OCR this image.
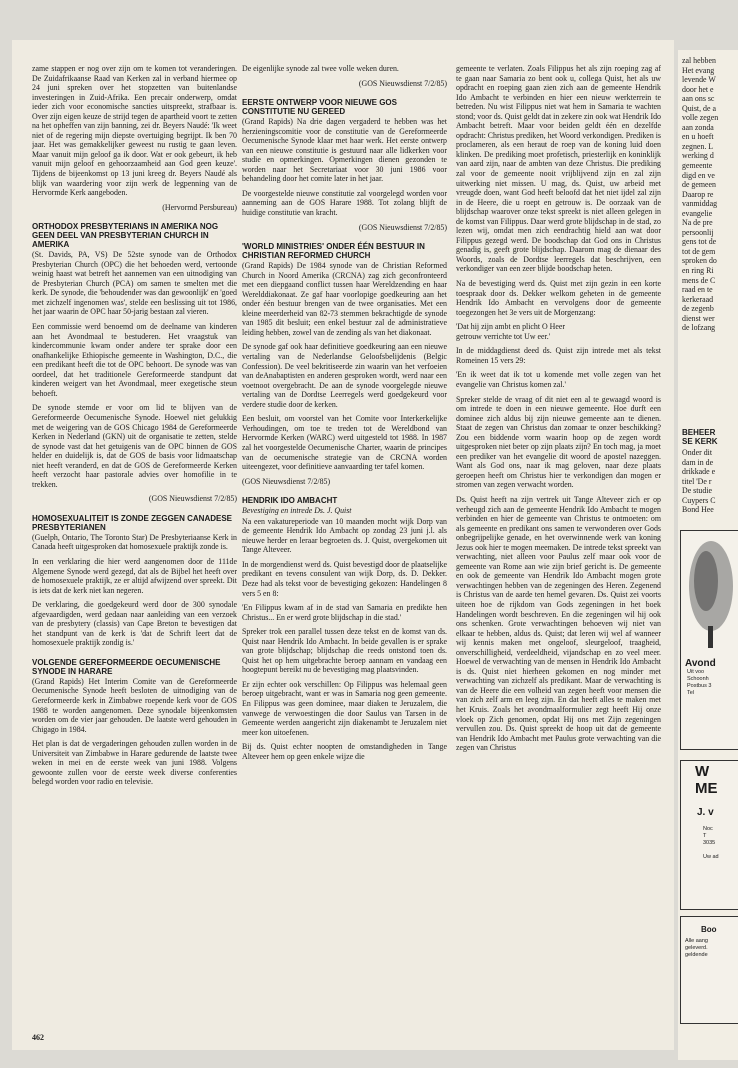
zame stappen er nog over zijn om te komen tot veranderingen. De Zuidafrikaanse Raad van Kerken zal in verband hiermee op 24 juni spreken over het stopzetten van buitenlandse investeringen in Zuid-Afrika. Een precair onderwerp, omdat ieder zich voor economische sancties uitspreekt, strafbaar is. Over zijn eigen keuze de strijd tegen de apartheid voort te zetten na het opheffen van zijn banning, zei dr. Beyers Naudé: 'Ik weet niet of de regering mijn diepste overtuiging begrijpt. Ik ben 70 jaar. Het was gemakkelijker geweest nu rustig te gaan leven. Maar vanuit mijn geloof ga ik door. Wat er ook gebeurt, ik heb vanuit mijn geloof en gehoorzaamheid aan God geen keuze'. Tijdens de bijeenkomst op 13 juni kreeg dr. Beyers Naudé als blijk van waardering voor zijn werk de legpenning van de Hervormde Kerk aangeboden.

(Hervormd Persbureau)

ORTHODOX PRESBYTERIANS IN AMERIKA NOG GEEN DEEL VAN PRESBYTERIAN CHURCH IN AMERIKA

(St. Davids, PA, VS) De 52ste synode van de Orthodox Presbyterian Church (OPC) die het behoeden werd, vertoonde weinig haast wat betreft het aannemen van een uitnodiging van de Presbyterian Church (PCA) om samen te smelten met die kerk. De synode, die 'behoudender was dan gewoonlijk' en 'goed met zichzelf ingenomen was', stelde een beslissing uit tot 1986, het jaar waarin de OPC haar 50-jarig bestaan zal vieren.

Een commissie werd benoemd om de deelname van kinderen aan het Avondmaal te bestuderen. Het vraagstuk van kindercommunie kwam onder andere ter sprake door een onafhankelijke Ethiopische gemeente in Washington, D.C., die een predikant heeft die tot de OPC behoort. De synode was van oordeel, dat het traditionele Gereformeerde standpunt dat kinderen weigert van het Avondmaal, meer exegetische steun behoeft.

De synode stemde er voor om lid te blijven van de Gereformeerde Oecumenische Synode. Hoewel niet gelukkig met de weigering van de GOS Chicago 1984 de Gereformeerde Kerken in Nederland (GKN) uit de organisatie te zetten, stelde de synode vast dat het getuigenis van de OPC binnen de GOS helder en duidelijk is, dat de GOS de basis voor lidmaatschap niet heeft veranderd, en dat de GOS de Gereformeerde Kerken heeft verzocht haar pastorale advies over homofilie in te trekken.

(GOS Nieuwsdienst 7/2/85)

HOMOSEXUALITEIT IS ZONDE ZEGGEN CANADESE PRESBYTERIANEN

(Guelph, Ontario, The Toronto Star) De Presbyteriaanse Kerk in Canada heeft uitgesproken dat homosexuele praktijk zonde is.

In een verklaring die hier werd aangenomen door de 111de Algemene Synode werd gezegd, dat als de Bijbel het heeft over de homosexuele praktijk, ze er altijd afwijzend over spreekt. Dit is iets dat de kerk niet kan negeren.

De verklaring, die goedgekeurd werd door de 300 synodale afgevaardigden, werd gedaan naar aanleiding van een verzoek van de presbytery (classis) van Cape Breton te bevestigen dat het standpunt van de kerk is 'dat de Schrift leert dat de homosexuele praktijk zondig is.'

VOLGENDE GEREFORMEERDE OECUMENISCHE SYNODE IN HARARE

(Grand Rapids) Het Interim Comite van de Gereformeerde Oecumenische Synode heeft besloten de uitnodiging van de Gereformeerde kerk in Zimbabwe roepende kerk voor de GOS 1988 te worden aangenomen. Deze synodale bijeenkomsten worden om de vier jaar gehouden. De laatste werd gehouden in Chigago in 1984.

Het plan is dat de vergaderingen gehouden zullen worden in de Universiteit van Zimbabwe in Harare gedurende de laatste twee weken in mei en de eerste week van juni 1988. Volgens gewoonte zullen voor de eerste week diverse conferenties belegd worden voor radio en televisie.

De eigenlijke synode zal twee volle weken duren.

(GOS Nieuwsdienst 7/2/85)

EERSTE ONTWERP VOOR NIEUWE GOS CONSTITUTIE NU GEREED

(Grand Rapids) Na drie dagen vergaderd te hebben was het herzieningscomitie voor de constitutie van de Gereformeerde Oecumenische Synode klaar met haar werk. Het eerste ontwerp van een nieuwe constitutie is gestuurd naar alle lidkerken voor studie en opmerkingen. Opmerkingen dienen gezonden te worden naar het Secretariaat voor 30 juni 1986 voor behandeling door het comite later in het jaar.

De voorgestelde nieuwe constitutie zal voorgelegd worden voor aanneming aan de GOS Harare 1988. Tot zolang blijft de huidige constitutie van kracht.

(GOS Nieuwsdienst 7/2/85)

'WORLD MINISTRIES' ONDER ÉÉN BESTUUR IN CHRISTIAN REFORMED CHURCH

(Grand Rapids) De 1984 synode van de Christian Reformed Church in Noord Amerika (CRCNA) zag zich geconfronteerd met een diepgaand conflict tussen haar Wereldzending en haar Werelddiakonaat. Ze gaf haar voorlopige goedkeuring aan het onder één bestuur brengen van de twee organisaties. Met een kleine meerderheid van 82-73 stemmen bekrachtigde de synode van 1985 dit besluit; een enkel bestuur zal de administratieve leiding hebben, zowel van de zending als van het diakonaat.

De synode gaf ook haar definitieve goedkeuring aan een nieuwe vertaling van de Nederlandse Geloofsbelijdenis (Belgic Confession). De veel bekritiseerde zin waarin van het verfoeien van deAnabaptisten en anderen gesproken wordt, werd naar een voetnoot overgebracht. De aan de synode voorgelegde nieuwe vertaling van de Dordtse Leerregels werd goedgekeurd voor verdere studie door de kerken.

Een besluit, om voorstel van het Comite voor Interkerkelijke Verhoudingen, om toe te treden tot de Wereldbond van Hervormde Kerken (WARC) werd uitgesteld tot 1988. In 1987 zal het voorgestelde Oecumenische Charter, waarin de principes van de oecumenische strategie van de CRCNA worden uiteengezet, voor definitieve aanvaarding ter tafel komen.

(GOS Nieuwsdienst 7/2/85)

HENDRIK IDO AMBACHT

Bevestiging en intrede Ds. J. Quist

Na een vakatureperiode van 10 maanden mocht wijk Dorp van de gemeente Hendrik Ido Ambacht op zondag 23 juni j.l. als nieuwe herder en leraar begroeten ds. J. Quist, overgekomen uit Tange Alteveer.

In de morgendienst werd ds. Quist bevestigd door de plaatselijke predikant en tevens consulent van wijk Dorp, ds. D. Dekker. Deze had als tekst voor de bevestiging gekozen: Handelingen 8 vers 5 en 8:

'En Filippus kwam af in de stad van Samaria en predikte hen Christus... En er werd grote blijdschap in die stad.'

Spreker trok een parallel tussen deze tekst en de komst van ds. Quist naar Hendrik Ido Ambacht. In beide gevallen is er sprake van grote blijdschap; blijdschap die reeds ontstond toen ds. Quist het op hem uitgebrachte beroep aannam en vandaag een hoogtepunt bereikt nu de bevestiging mag plaatsvinden.

Er zijn echter ook verschillen: Op Filippus was helemaal geen beroep uitgebracht, want er was in Samaria nog geen gemeente. En Filippus was geen dominee, maar diaken te Jeruzalem, die vanwege de verwoestingen die door Saulus van Tarsen in de Gemeente werden aangericht zijn diakenambt te Jeruzalem niet meer kon uitoefenen.

Bij ds. Quist echter noopten de omstandigheden in Tange Alteveer hem op geen enkele wijze die

gemeente te verlaten. Zoals Filippus het als zijn roeping zag af te gaan naar Samaria zo bent ook u, collega Quist, het als uw opdracht en roeping gaan zien zich aan de gemeente Hendrik Ido Ambacht te verbinden en hier een nieuw werkterrein te betreden. Nu wist Filippus niet wat hem in Samaria te wachten stond; voor ds. Quist geldt dat in zekere zin ook wat Hendrik Ido Ambacht betreft. Maar voor beiden geldt één en dezelfde opdracht: Christus prediken, het Woord verkondigen. Prediken is proclameren, als een heraut de roep van de koning luid doen klinken. De prediking moet profetisch, priesterlijk en koninklijk van aard zijn, naar de ambten van deze Christus. Die prediking zal voor de gemeente nooit vrijblijvend zijn en zal zijn uitwerking niet missen. U mag, ds. Quist, uw arbeid met vreugde doen, want God heeft beloofd dat het niet ijdel zal zijn in de Heere, die u roept en getrouw is. De oorzaak van de blijdschap waarover onze tekst spreekt is niet alleen gelegen in de komst van Filippus. Daar werd grote blijdschap in de stad, zo lezen wij, omdat men zich eendrachtig hield aan wat door Filippus gezegd werd. De boodschap dat God ons in Christus genadig is, geeft grote blijdschap. Daarom mag de dienaar des Woords, zoals de Dordtse leerregels dat beschrijven, een verkondiger van een zeer blijde boodschap heten.

Na de bevestiging werd ds. Quist met zijn gezin in een korte toespraak door ds. Dekker welkom geheten in de gemeente Hendrik Ido Ambacht en vervolgens door de gemeente toegezongen het 3e vers uit de Morgenzang:

'Dat hij zijn ambt en plicht O Heer

getrouw verrichte tot Uw eer.'

In de middagdienst deed ds. Quist zijn intrede met als tekst Romeinen 15 vers 29:

'En ik weet dat ik tot u komende met volle zegen van het evangelie van Christus komen zal.'

Spreker stelde de vraag of dit niet een al te gewaagd woord is om intrede te doen in een nieuwe gemeente. Hoe durft een dominee zich aldus bij zijn nieuwe gemeente aan te dienen. Staat de zegen van Christus dan zomaar te onzer beschikking? Zou een biddende vorm waarin hoop op de zegen wordt uitgesproken niet beter op zijn plaats zijn? En toch mag, ja moet een prediker van het evangelie dit woord de apostel nazeggen. Want als God ons, naar ik mag geloven, naar deze plaats geroepen heeft om Christus hier te verkondigen dan mogen er stromen van zegen verwacht worden.

Ds. Quist heeft na zijn vertrek uit Tange Alteveer zich er op verheugd zich aan de gemeente Hendrik Ido Ambacht te mogen verbinden en hier de gemeente van Christus te ontmoeten: om als gemeente en predikant ons samen te verwonderen over Gods onbegrijpelijke genade, en het overwinnende werk van koning Jezus ook hier te mogen meemaken. De intrede tekst spreekt van verwachting, niet alleen voor Paulus zelf maar ook voor de gemeente van Rome aan wie zijn brief gericht is. De gemeente en ook de gemeente van Hendrik Ido Ambacht mogen grote verwachtingen hebben van de zegeningen des Heren. Zegenend is Christus van de aarde ten hemel gevaren. Ds. Quist zei voorts uiteen hoe de rijkdom van Gods zegeningen in het boek Handelingen wordt beschreven. En die zegeningen wil hij ook ons schenken. Grote verwachtingen behoeven wij niet van elkaar te hebben, aldus ds. Quist; dat leren wij wel af wanneer wij kennis maken met ongeloof, sleurgeloof, traagheid, onverschilligheid, verdeeldheid, vijandschap en zo veel meer. Hoewel de verwachting van de mensen in Hendrik Ido Ambacht is ds. Quist niet hierheen gekomen en nog minder met verwachting van zichzelf als predikant. Maar de verwachting is van de Heere die een volheid van zegen heeft voor mensen die van zich zelf arm en leeg zijn. En dat heeft alles te maken met het Kruis. Zoals het avondmaalformulier zegt heeft Hij onze vloek op Zich genomen, opdat Hij ons met Zijn zegeningen vervullen zou. Ds. Quist spreekt de hoop uit dat de gemeente van Hendrik Ido Ambacht met Paulus grote verwachting van die zegen van Christus

462
zal hebben
Het evang
levende W
door het e
aan ons sc
Quist, de a
volle zegen
aan zonda
en u hoeft
zegnen. L
werking d
gemeente
digd en ve
de gemeen
Daarop re
vanmiddag
evangelie
Na de pre
persoonlij
gens tot de
tot de gem
sproken do
en ring Ri
mens de C
raad en te
kerkeraad
de zegenb
dienst wer
de lofzang
BEHEER
SE KERK
Onder dit
dam in de
drikkade e
titel 'De r
De studie
Cuypers C
Bond Hee
Avond
Uit voo
Schoonh
Postbus 3
Tel
W
ME
J. v
Noc
T
3035

Uw ad
Boo
Alle aang
geleverd.
geldende
